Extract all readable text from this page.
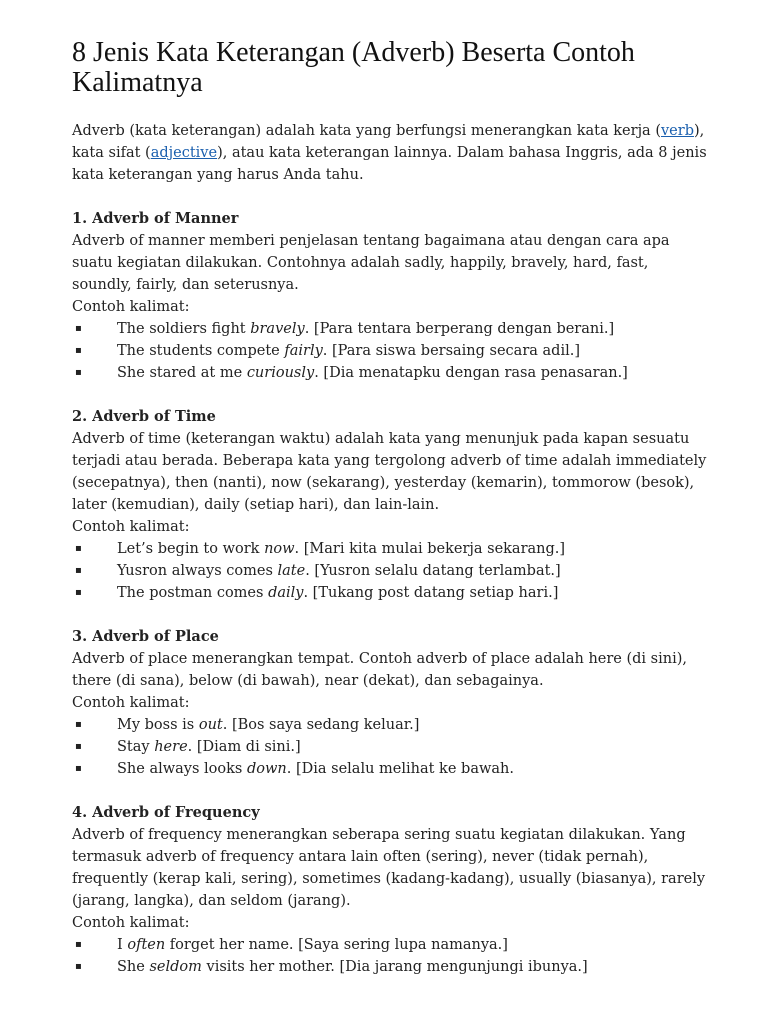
8 Jenis Kata Keterangan (Adverb) Beserta Contoh Kalimatnya

Adverb (kata keterangan) adalah kata yang berfungsi menerangkan kata kerja (verb), kata sifat (adjective), atau kata keterangan lainnya. Dalam bahasa Inggris, ada 8 jenis kata keterangan yang harus Anda tahu.

1. Adverb of Manner

Adverb of manner memberi penjelasan tentang bagaimana atau dengan cara apa suatu kegiatan dilakukan. Contohnya adalah sadly, happily, bravely, hard, fast, soundly, fairly, dan seterusnya.

Contoh kalimat:

▪ The soldiers fight bravely. [Para tentara berperang dengan berani.]
▪ The students compete fairly. [Para siswa bersaing secara adil.]
▪ She stared at me curiously. [Dia menatapku dengan rasa penasaran.]

2. Adverb of Time

Adverb of time (keterangan waktu) adalah kata yang menunjuk pada kapan sesuatu terjadi atau berada. Beberapa kata yang tergolong adverb of time adalah immediately (secepatnya), then (nanti), now (sekarang), yesterday (kemarin), tommorow (besok), later (kemudian), daily (setiap hari), dan lain-lain.

Contoh kalimat:

▪ Let’s begin to work now. [Mari kita mulai bekerja sekarang.]
▪ Yusron always comes late. [Yusron selalu datang terlambat.]
▪ The postman comes daily. [Tukang post datang setiap hari.]

3. Adverb of Place

Adverb of place menerangkan tempat. Contoh adverb of place adalah here (di sini), there (di sana), below (di bawah), near (dekat), dan sebagainya.

Contoh kalimat:

▪ My boss is out. [Bos saya sedang keluar.]
▪ Stay here. [Diam di sini.]
▪ She always looks down. [Dia selalu melihat ke bawah.

4. Adverb of Frequency

Adverb of frequency menerangkan seberapa sering suatu kegiatan dilakukan. Yang termasuk adverb of frequency antara lain often (sering), never (tidak pernah), frequently (kerap kali, sering), sometimes (kadang-kadang), usually (biasanya), rarely (jarang, langka), dan seldom (jarang).

Contoh kalimat:

▪ I often forget her name. [Saya sering lupa namanya.]
▪ She seldom visits her mother. [Dia jarang mengunjungi ibunya.]
